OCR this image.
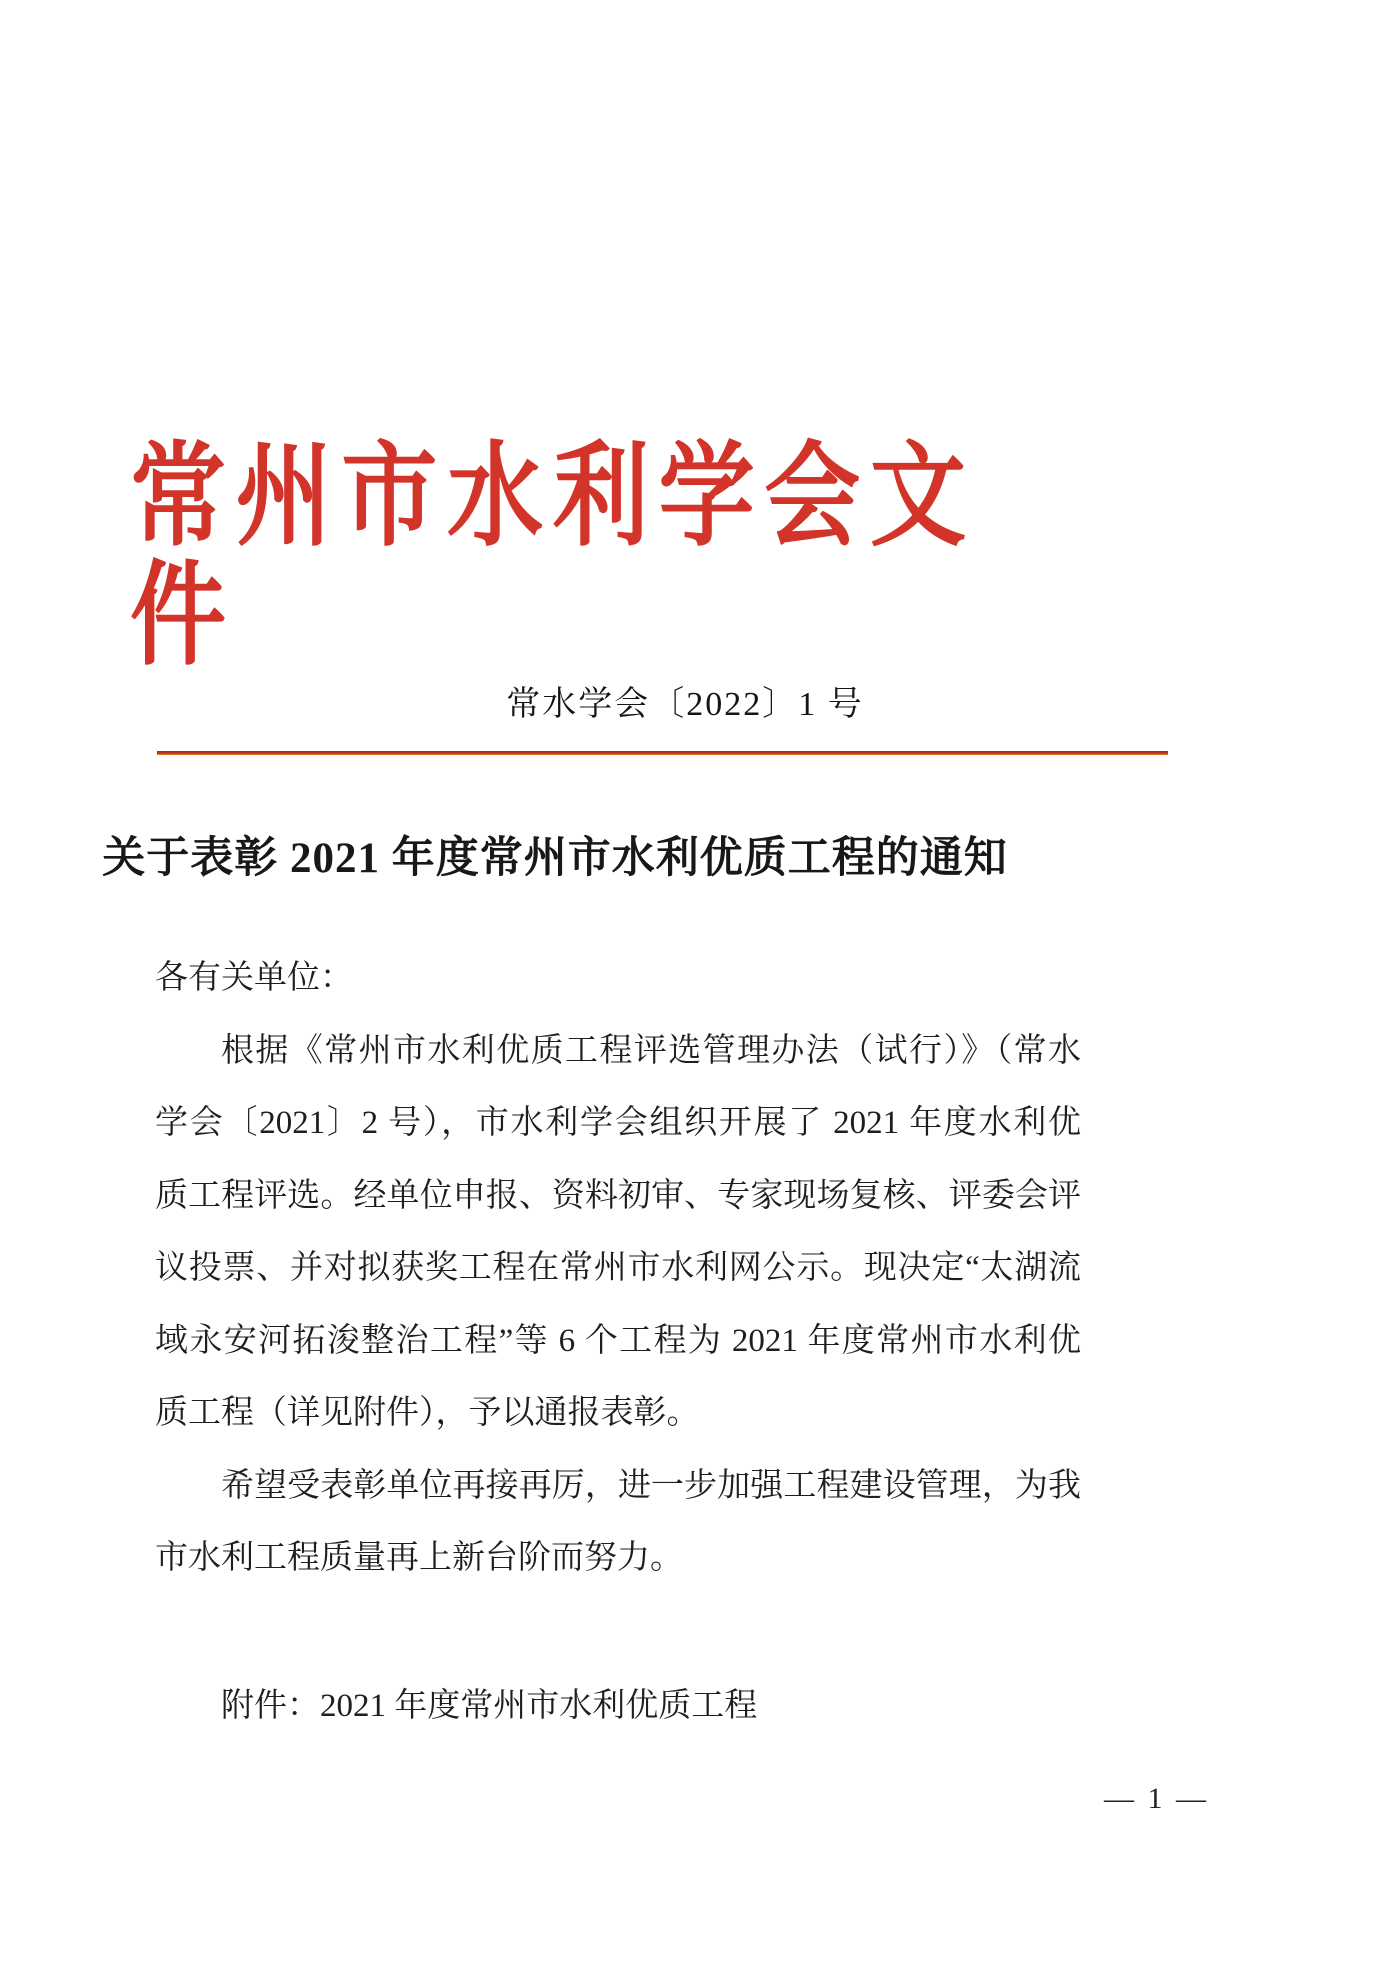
常州市水利学会文件
常水学会〔2022〕1 号
关于表彰 2021 年度常州市水利优质工程的通知
各有关单位：
根据《常州市水利优质工程评选管理办法（试行）》（常水
学会〔2021〕2 号），市水利学会组织开展了 2021 年度水利优
质工程评选。经单位申报、资料初审、专家现场复核、评委会评
议投票、并对拟获奖工程在常州市水利网公示。现决定“太湖流
域永安河拓浚整治工程”等 6 个工程为 2021 年度常州市水利优
质工程（详见附件），予以通报表彰。
希望受表彰单位再接再厉，进一步加强工程建设管理，为我
市水利工程质量再上新台阶而努力。
附件：2021 年度常州市水利优质工程
— 1 —
